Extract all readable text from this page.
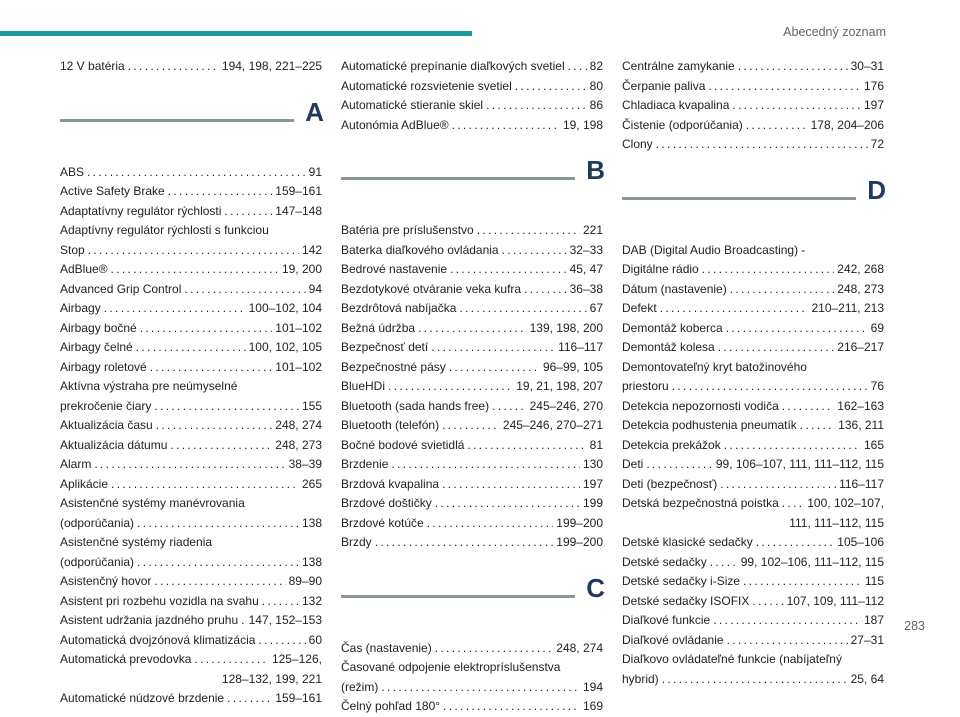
Abecedný zoznam
12 V batéria . . .	194, 198, 221–225
A
ABS . . .	91
Active Safety Brake . . .	159–161
Adaptatívny regulátor rýchlosti . . .	147–148
Adaptívny regulátor rýchlosti s funkciou
Stop . . .	142
AdBlue® . . .	19, 200
Advanced Grip Control . . .	94
Airbagy . . .	100–102, 104
Airbagy bočné . . .	101–102
Airbagy čelné . . .	100, 102, 105
Airbagy roletové . . .	101–102
Aktívna výstraha pre neúmyselné
prekročenie čiary . . .	155
Aktualizácia času . . .	248, 274
Aktualizácia dátumu . . .	248, 273
Alarm . . .	38–39
Aplikácie . . .	265
Asistenčné systémy manévrovania
(odporúčania) . . .	138
Asistenčné systémy riadenia
(odporúčania) . . .	138
Asistenčný hovor . . .	89–90
Asistent pri rozbehu vozidla na svahu . . .	132
Asistent udržania jazdného pruhu . . . 147, 152–153
Automatická dvojzónová klimatizácia . . .	60
Automatická prevodovka . . .	125–126,
128–132, 199, 221
Automatické núdzové brzdenie . . .	159–161
Automatické prepínanie diaľkových svetiel . . . 82
Automatické rozsvietenie svetiel . . .	80
Automatické stieranie skiel . . .	86
Autonómia AdBlue® . . .	19, 198
B
Batéria pre príslušenstvo . . .	221
Baterka diaľkového ovládania . . .	32–33
Bedrové nastavenie . . .	45, 47
Bezdotykové otváranie veka kufra . . .	36–38
Bezdrôtová nabíjačka . . .	67
Bežná údržba . . .	139, 198, 200
Bezpečnosť detí . . .	116–117
Bezpečnostné pásy . . .	96–99, 105
BlueHDi . . .	19, 21, 198, 207
Bluetooth (sada hands free) . . .	245–246, 270
Bluetooth (telefón) . . .	245–246, 270–271
Bočné bodové svietidlá . . .	81
Brzdenie . . .	130
Brzdová kvapalina . . .	197
Brzdové doštičky . . .	199
Brzdové kotúče . . .	199–200
Brzdy . . .	199–200
C
Čas (nastavenie) . . .	248, 274
Časované odpojenie elektropríslušenstva
(režim) . . .	194
Čelný pohľad 180° . . .	169
Centrálne zamykanie . . .	30–31
Čerpanie paliva . . .	176
Chladiaca kvapalina . . .	197
Čistenie (odporúčania) . . .	178, 204–206
Clony . . .	72
D
DAB (Digital Audio Broadcasting) -
Digitálne rádio . . .	242, 268
Dátum (nastavenie) . . .	248, 273
Defekt . . .	210–211, 213
Demontáž koberca . . .	69
Demontáž kolesa . . .	216–217
Demontovateľný kryt batožinového
priestoru . . .	76
Detekcia nepozornosti vodiča . . .	162–163
Detekcia podhustenia pneumatík . . .	136, 211
Detekcia prekážok . . .	165
Deti . . .	99, 106–107, 111, 111–112, 115
Deti (bezpečnosť) . . .	116–117
Detská bezpečnostná poistka . . . 100, 102–107,
111, 111–112, 115
Detské klasické sedačky . . .	105–106
Detské sedačky . . .	99, 102–106, 111–112, 115
Detské sedačky i-Size . . .	115
Detské sedačky ISOFIX . . .	107, 109, 111–112
Diaľkové funkcie . . .	187
Diaľkové ovládanie . . .	27–31
Diaľkovo ovládateľné funkcie (nabíjateľný
hybrid) . . .	25, 64
283
